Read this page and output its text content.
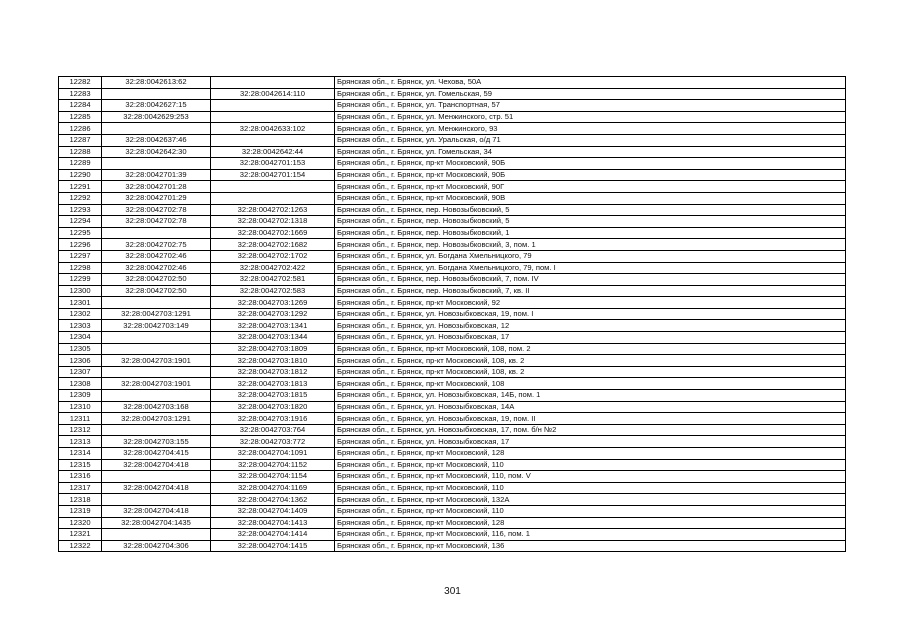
12282	32:28:0042613:62		Брянская обл., г. Брянск, ул. Чехова, 50А
12283		32:28:0042614:110	Брянская обл., г. Брянск, ул. Гомельская, 59
12284	32:28:0042627:15		Брянская обл., г. Брянск, ул. Транспортная, 57
12285	32:28:0042629:253		Брянская обл., г. Брянск, ул. Менжинского, стр. 51
12286		32:28:0042633:102	Брянская обл., г. Брянск, ул. Менжинского, 93
12287	32:28:0042637:46		Брянская обл., г. Брянск, ул. Уральская, о/д 71
12288	32:28:0042642:30	32:28:0042642:44	Брянская обл., г. Брянск, ул. Гомельская, 34
12289		32:28:0042701:153	Брянская обл., г. Брянск, пр-кт Московский, 90Б
12290	32:28:0042701:39	32:28:0042701:154	Брянская обл., г. Брянск, пр-кт Московский, 90Б
12291	32:28:0042701:28		Брянская обл., г. Брянск, пр-кт Московский, 90Г
12292	32:28:0042701:29		Брянская обл., г. Брянск, пр-кт Московский, 90В
12293	32:28:0042702:78	32:28:0042702:1263	Брянская обл., г. Брянск, пер. Новозыбковский, 5
12294	32:28:0042702:78	32:28:0042702:1318	Брянская обл., г. Брянск, пер. Новозыбковский, 5
12295		32:28:0042702:1669	Брянская обл., г. Брянск, пер. Новозыбковский, 1
12296	32:28:0042702:75	32:28:0042702:1682	Брянская обл., г. Брянск, пер. Новозыбковский, 3, пом. 1
12297	32:28:0042702:46	32:28:0042702:1702	Брянская обл., г. Брянск, ул. Богдана Хмельницкого, 79
12298	32:28:0042702:46	32:28:0042702:422	Брянская обл., г. Брянск, ул. Богдана Хмельницкого, 79, пом. I
12299	32:28:0042702:50	32:28:0042702:581	Брянская обл., г. Брянск, пер. Новозыбковский, 7, пом. IV
12300	32:28:0042702:50	32:28:0042702:583	Брянская обл., г. Брянск, пер. Новозыбковский, 7, кв. II
12301		32:28:0042703:1269	Брянская обл., г. Брянск, пр-кт Московский, 92
12302	32:28:0042703:1291	32:28:0042703:1292	Брянская обл., г. Брянск, ул. Новозыбковская, 19, пом. I
12303	32:28:0042703:149	32:28:0042703:1341	Брянская обл., г. Брянск, ул. Новозыбковская, 12
12304		32:28:0042703:1344	Брянская обл., г. Брянск, ул. Новозыбковская, 17
12305		32:28:0042703:1809	Брянская обл., г. Брянск, пр-кт Московский, 108, пом. 2
12306	32:28:0042703:1901	32:28:0042703:1810	Брянская обл., г. Брянск, пр-кт Московский, 108, кв. 2
12307		32:28:0042703:1812	Брянская обл., г. Брянск, пр-кт Московский, 108, кв. 2
12308	32:28:0042703:1901	32:28:0042703:1813	Брянская обл., г. Брянск, пр-кт Московский, 108
12309		32:28:0042703:1815	Брянская обл., г. Брянск, ул. Новозыбковская, 14Б, пом. 1
12310	32:28:0042703:168	32:28:0042703:1820	Брянская обл., г. Брянск, ул. Новозыбковская, 14А
12311	32:28:0042703:1291	32:28:0042703:1916	Брянская обл., г. Брянск, ул. Новозыбковская, 19, пом. II
12312		32:28:0042703:764	Брянская обл., г. Брянск, ул. Новозыбковская, 17, пом. б/н №2
12313	32:28:0042703:155	32:28:0042703:772	Брянская обл., г. Брянск, ул. Новозыбковская, 17
12314	32:28:0042704:415	32:28:0042704:1091	Брянская обл., г. Брянск, пр-кт Московский, 128
12315	32:28:0042704:418	32:28:0042704:1152	Брянская обл., г. Брянск, пр-кт Московский, 110
12316		32:28:0042704:1154	Брянская обл., г. Брянск, пр-кт Московский, 110, пом. V
12317	32:28:0042704:418	32:28:0042704:1169	Брянская обл., г. Брянск, пр-кт Московский, 110
12318		32:28:0042704:1362	Брянская обл., г. Брянск, пр-кт Московский, 132А
12319	32:28:0042704:418	32:28:0042704:1409	Брянская обл., г. Брянск, пр-кт Московский, 110
12320	32:28:0042704:1435	32:28:0042704:1413	Брянская обл., г. Брянск, пр-кт Московский, 128
12321		32:28:0042704:1414	Брянская обл., г. Брянск, пр-кт Московский, 116, пом. 1
12322	32:28:0042704:306	32:28:0042704:1415	Брянская обл., г. Брянск, пр-кт Московский, 136
301
